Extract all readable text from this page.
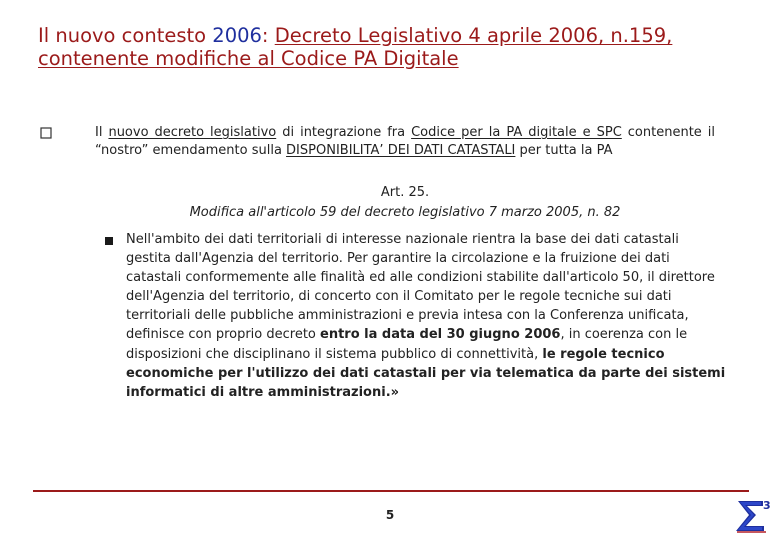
Il nuovo contesto 2006: Decreto Legislativo 4 aprile 2006, n.159, contenente modifiche al Codice PA Digitale
Il nuovo decreto legislativo di integrazione fra Codice per la PA digitale e SPC contenente il “nostro” emendamento sulla DISPONIBILITA’ DEI DATI CATASTALI per tutta la PA
Art. 25.
Modifica all'articolo 59 del decreto legislativo 7 marzo 2005, n. 82
Nell'ambito dei dati territoriali di interesse nazionale rientra la base dei dati catastali gestita dall'Agenzia del territorio. Per garantire la circolazione e la fruizione dei dati catastali conformemente alle finalità ed alle condizioni stabilite dall'articolo 50, il direttore dell'Agenzia del territorio, di concerto con il Comitato per le regole tecniche sui dati territoriali delle pubbliche amministrazioni e previa intesa con la Conferenza unificata, definisce con proprio decreto entro la data del 30 giugno 2006, in coerenza con le disposizioni che disciplinano il sistema pubblico di connettività, le regole tecnico economiche per l'utilizzo dei dati catastali per via telematica da parte dei sistemi informatici di altre amministrazioni.»
5
3
